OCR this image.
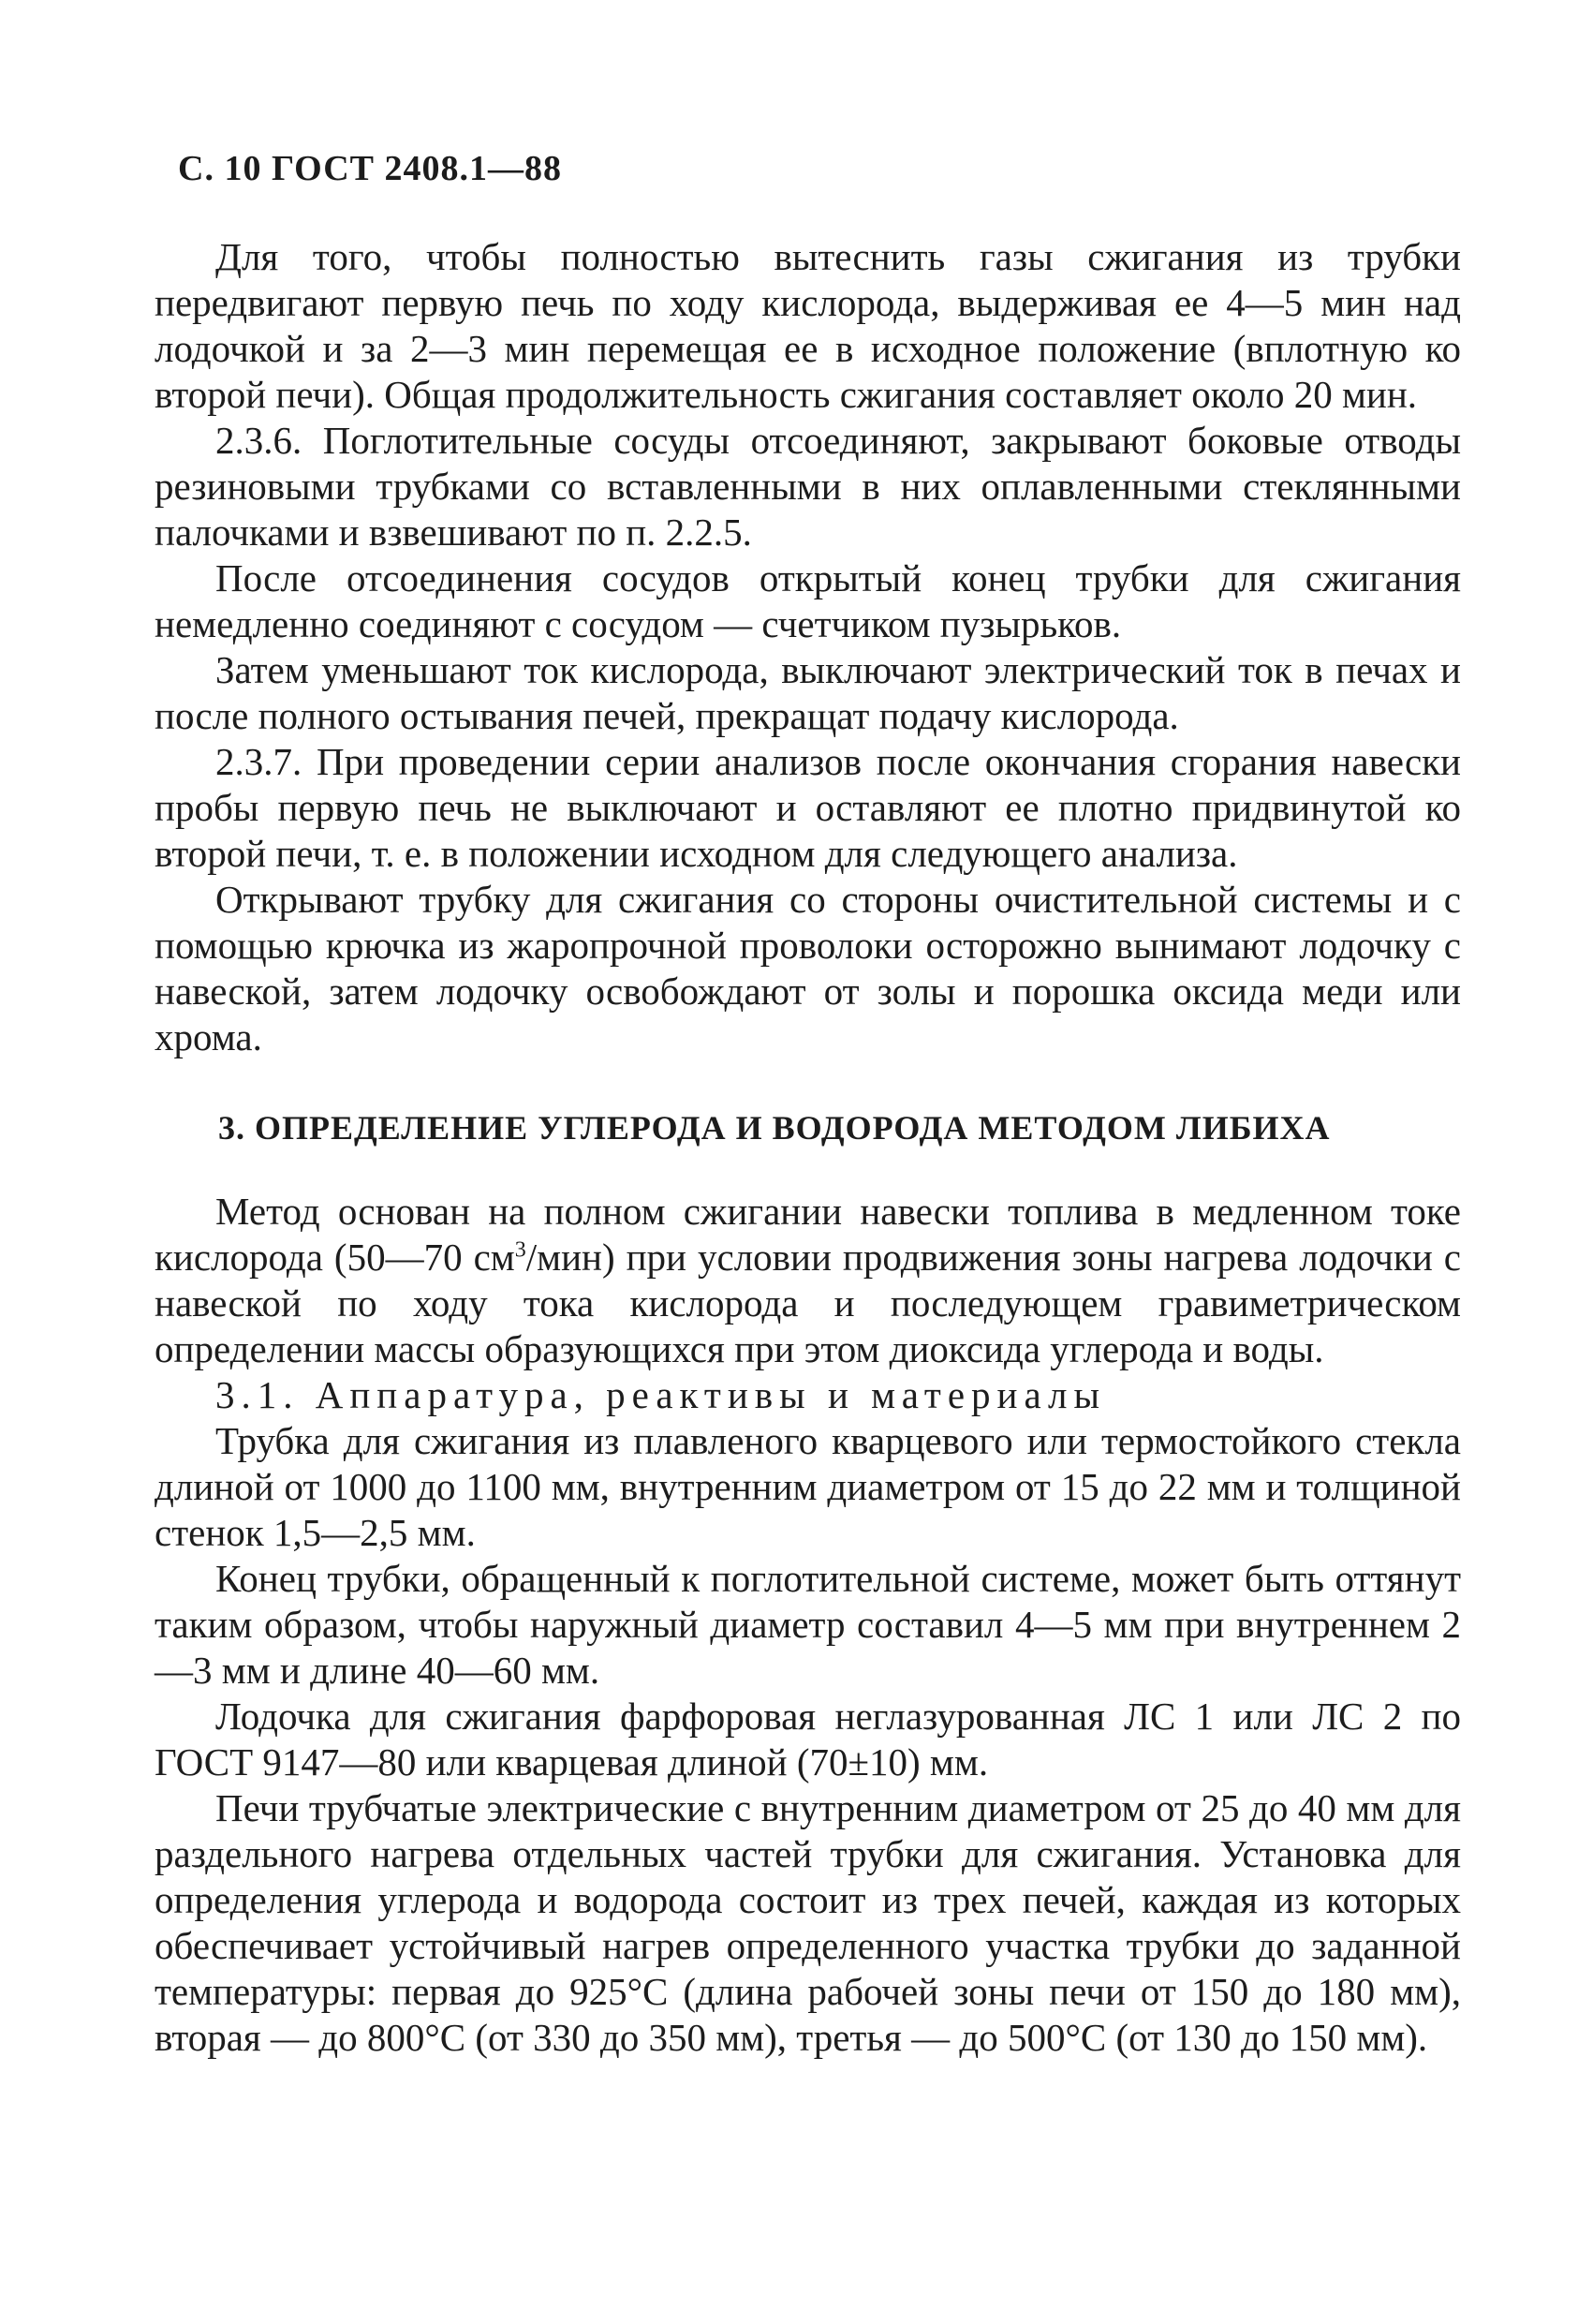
С. 10 ГОСТ 2408.1—88

Для того, чтобы полностью вытеснить газы сжигания из трубки передвигают первую печь по ходу кислорода, выдерживая ее 4—5 мин над лодочкой и за 2—3 мин перемещая ее в исходное положение (вплотную ко второй печи). Общая продолжительность сжигания составляет около 20 мин.

2.3.6. Поглотительные сосуды отсоединяют, закрывают боковые отводы резиновыми трубками со вставленными в них оплавленными стеклянными палочками и взвешивают по п. 2.2.5.

После отсоединения сосудов открытый конец трубки для сжигания немедленно соединяют с сосудом — счетчиком пузырьков.

Затем уменьшают ток кислорода, выключают электрический ток в печах и после полного остывания печей, прекращат подачу кислорода.

2.3.7. При проведении серии анализов после окончания сгорания навески пробы первую печь не выключают и оставляют ее плотно придвинутой ко второй печи, т. е. в положении исходном для следующего анализа.

Открывают трубку для сжигания со стороны очистительной системы и с помощью крючка из жаропрочной проволоки осторожно вынимают лодочку с навеской, затем лодочку освобождают от золы и порошка оксида меди или хрома.

3. ОПРЕДЕЛЕНИЕ УГЛЕРОДА И ВОДОРОДА МЕТОДОМ ЛИБИХА

Метод основан на полном сжигании навески топлива в медленном токе кислорода (50—70 $см^3/мин$) при условии продвижения зоны нагрева лодочки с навеской по ходу тока кислорода и последующем гравиметрическом определении массы образующихся при этом диоксида углерода и воды.

3.1. Аппаратура, реактивы и материалы

Трубка для сжигания из плавленого кварцевого или термостойкого стекла длиной от 1000 до 1100 мм, внутренним диаметром от 15 до 22 мм и толщиной стенок 1,5—2,5 мм.

Конец трубки, обращенный к поглотительной системе, может быть оттянут таким образом, чтобы наружный диаметр составил 4—5 мм при внутреннем 2—3 мм и длине 40—60 мм.

Лодочка для сжигания фарфоровая неглазурованная ЛС 1 или ЛС 2 по ГОСТ 9147—80 или кварцевая длиной (70±10) мм.

Печи трубчатые электрические с внутренним диаметром от 25 до 40 мм для раздельного нагрева отдельных частей трубки для сжигания. Установка для определения углерода и водорода состоит из трех печей, каждая из которых обеспечивает устойчивый нагрев определенного участка трубки до заданной температуры: первая до 925°С (длина рабочей зоны печи от 150 до 180 мм), вторая — до 800°С (от 330 до 350 мм), третья — до 500°С (от 130 до 150 мм).
